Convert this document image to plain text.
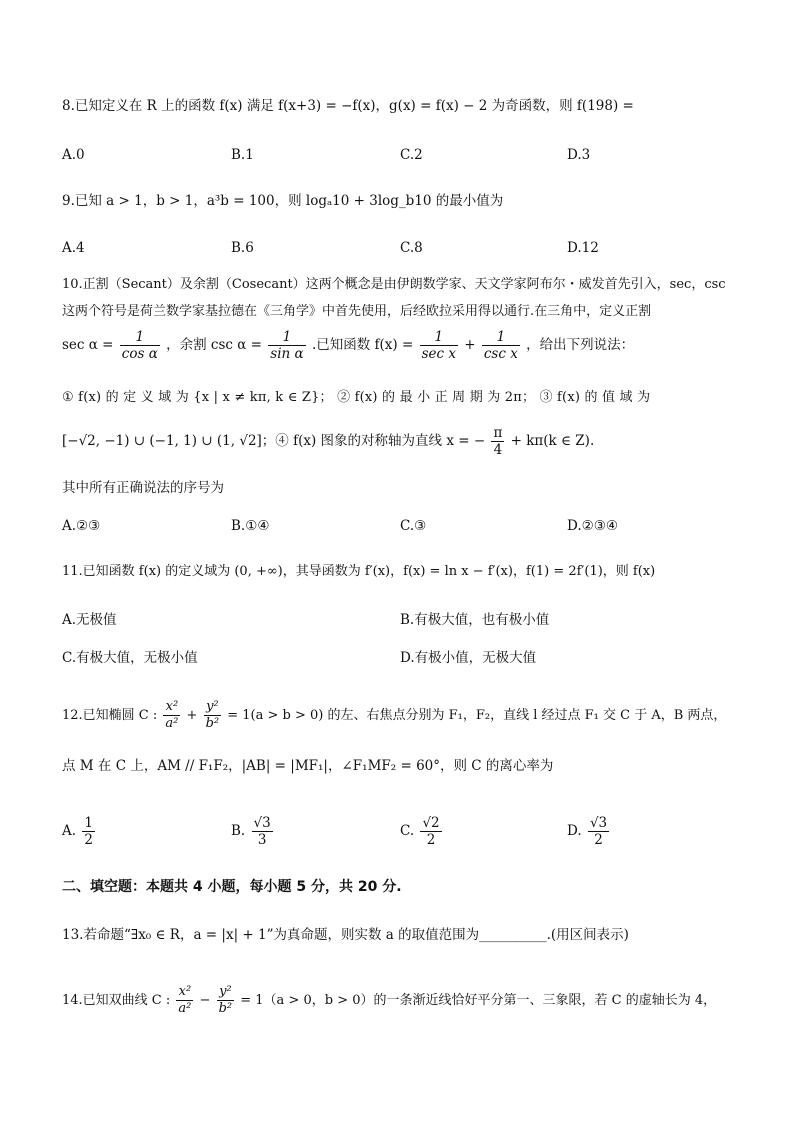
8.已知定义在 R 上的函数 f(x) 满足 f(x+3) = −f(x)，g(x) = f(x) − 2 为奇函数，则 f(198) =
A.0	B.1	C.2	D.3
9.已知 a > 1，b > 1，a³b = 100，则 logₐ10 + 3log_b10 的最小值为
A.4	B.6	C.8	D.12
10.正割（Secant）及余割（Cosecant）这两个概念是由伊朗数学家、天文学家阿布尔・威发首先引入，sec，csc
这两个符号是荷兰数学家基拉德在《三角学》中首先使用，后经欧拉采用得以通行.在三角中，定义正割
$\sec \alpha = \frac{1}{\text{cos α}}$ ，余割 $\csc \alpha = \frac{1}{\text{sin α}}$ .已知函数 $f(x) = \frac{1}{\text{sec x}} + \frac{1}{\text{csc x}}$ ，给出下列说法：
① f(x) 的 定 义 域 为 {x | x ≠ kπ, k ∈ Z}； ② f(x) 的 最 小 正 周 期 为 2π； ③ f(x) 的 值 域 为
[−√2, −1) ∪ (−1, 1) ∪ (1, √2]；④ f(x) 图象的对称轴为直线 x = − $\frac{\pi}{4} + k\pi(k$ ∈ Z).
其中所有正确说法的序号为
A.②③	B.①④	C.③	D.②③④
11.已知函数 f(x) 的定义域为 (0, +∞)，其导函数为 f′(x)，f(x) = ln x − f′(x)，f(1) = 2f′(1)，则 f(x)
A.无极值	B.有极大值，也有极小值
C.有极大值，无极小值	D.有极小值，无极大值
12.已知椭圆 C : $\frac{\text{x²}}{\text{a²}} + \frac{\text{y²}}{\text{b²}} = 1(a > b > 0)$ 的左、右焦点分别为 F₁，F₂，直线 l 经过点 F₁ 交 C 于 A，B 两点，
点 M 在 C 上，AM // F₁F₂，|AB| = |MF₁|，∠F₁MF₂ = 60°，则 C 的离心率为
A. $\frac{1}{2}$	B. $\frac{√3}{3}$	C. $\frac{√2}{2}$	D. $\frac{√3}{2}$
二、填空题：本题共 4 小题，每小题 5 分，共 20 分.
13.若命题“∃x₀ ∈ R，a = |x| + 1”为真命题，则实数 a 的取值范围为__________.(用区间表示)
14.已知双曲线 C : $\frac{\text{x²}}{\text{a²}} - \frac{\text{y²}}{\text{b²}} = 1(a > 0$，b > 0）的一条渐近线恰好平分第一、三象限，若 C 的虚轴长为 4，
